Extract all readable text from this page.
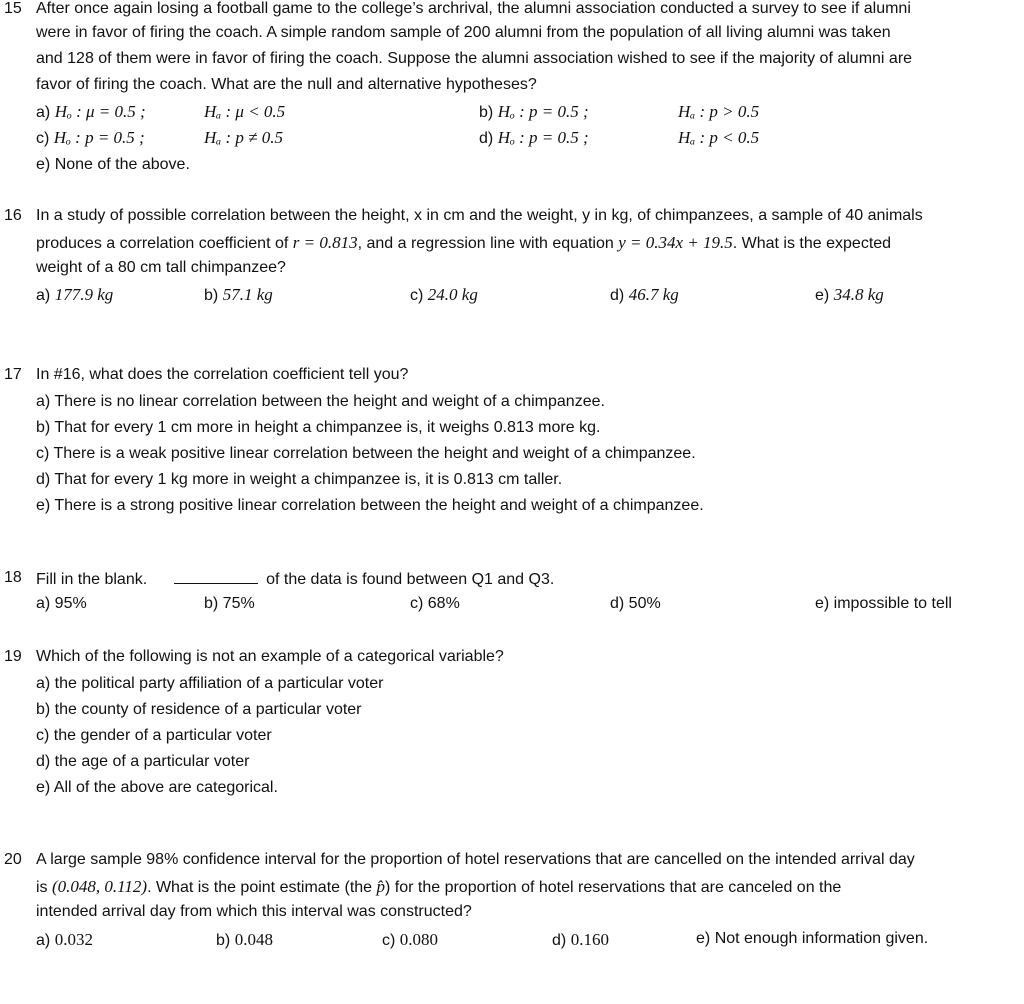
15 After once again losing a football game to the college’s archrival, the alumni association conducted a survey to see if alumni
were in favor of firing the coach. A simple random sample of 200 alumni from the population of all living alumni was taken
and 128 of them were in favor of firing the coach. Suppose the alumni association wished to see if the majority of alumni are
favor of firing the coach. What are the null and alternative hypotheses?
a) Hₒ : μ = 0.5 ;	Hₐ : μ < 0.5	b) Hₒ : p = 0.5 ;	Hₐ : p > 0.5
c) Hₒ : p = 0.5 ;	Hₐ : p ≠ 0.5	d) Hₒ : p = 0.5 ;	Hₐ : p < 0.5
e) None of the above.
16 In a study of possible correlation between the height, x in cm and the weight, y in kg, of chimpanzees, a sample of 40 animals
produces a correlation coefficient of r = 0.813, and a regression line with equation y = 0.34x + 19.5. What is the expected
weight of a 80 cm tall chimpanzee?
a) 177.9 kg	b) 57.1 kg	c) 24.0 kg	d) 46.7 kg	e) 34.8 kg
17 In #16, what does the correlation coefficient tell you?
a) There is no linear correlation between the height and weight of a chimpanzee.
b) That for every 1 cm more in height a chimpanzee is, it weighs 0.813 more kg.
c) There is a weak positive linear correlation between the height and weight of a chimpanzee.
d) That for every 1 kg more in weight a chimpanzee is, it is 0.813 cm taller.
e) There is a strong positive linear correlation between the height and weight of a chimpanzee.
18 Fill in the blank.	of the data is found between Q1 and Q3.
a) 95%	b) 75%	c) 68%	d) 50%	e) impossible to tell
19 Which of the following is not an example of a categorical variable?
a) the political party affiliation of a particular voter
b) the county of residence of a particular voter
c) the gender of a particular voter
d) the age of a particular voter
e) All of the above are categorical.
20 A large sample 98% confidence interval for the proportion of hotel reservations that are cancelled on the intended arrival day
is (0.048, 0.112). What is the point estimate (the p̂) for the proportion of hotel reservations that are canceled on the
intended arrival day from which this interval was constructed?
a) 0.032	b) 0.048	c) 0.080	d) 0.160	e) Not enough information given.
